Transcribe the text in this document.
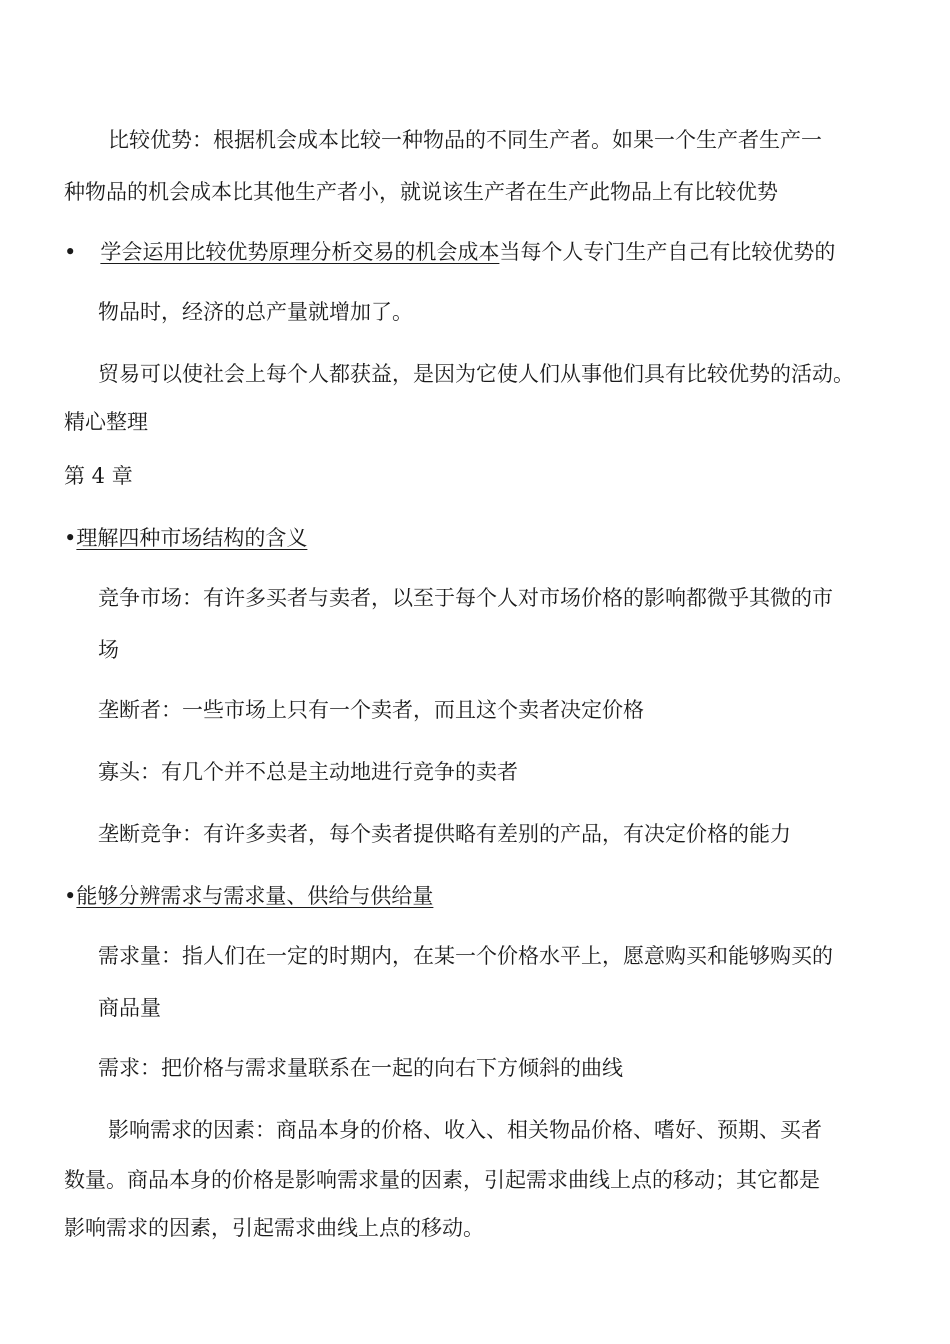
比较优势：根据机会成本比较一种物品的不同生产者。如果一个生产者生产一
种物品的机会成本比其他生产者小，就说该生产者在生产此物品上有比较优势
• 学会运用比较优势原理分析交易的机会成本当每个人专门生产自己有比较优势的
物品时，经济的总产量就增加了。
贸易可以使社会上每个人都获益，是因为它使人们从事他们具有比较优势的活动。
精心整理
第 4 章
•理解四种市场结构的含义
竞争市场：有许多买者与卖者，以至于每个人对市场价格的影响都微乎其微的市
场
垄断者：一些市场上只有一个卖者，而且这个卖者决定价格
寡头：有几个并不总是主动地进行竞争的卖者
垄断竞争：有许多卖者，每个卖者提供略有差别的产品，有决定价格的能力
•能够分辨需求与需求量、供给与供给量
需求量：指人们在一定的时期内，在某一个价格水平上，愿意购买和能够购买的
商品量
需求：把价格与需求量联系在一起的向右下方倾斜的曲线
影响需求的因素：商品本身的价格、收入、相关物品价格、嗜好、预期、买者
数量。商品本身的价格是影响需求量的因素，引起需求曲线上点的移动；其它都是
影响需求的因素，引起需求曲线上点的移动。
